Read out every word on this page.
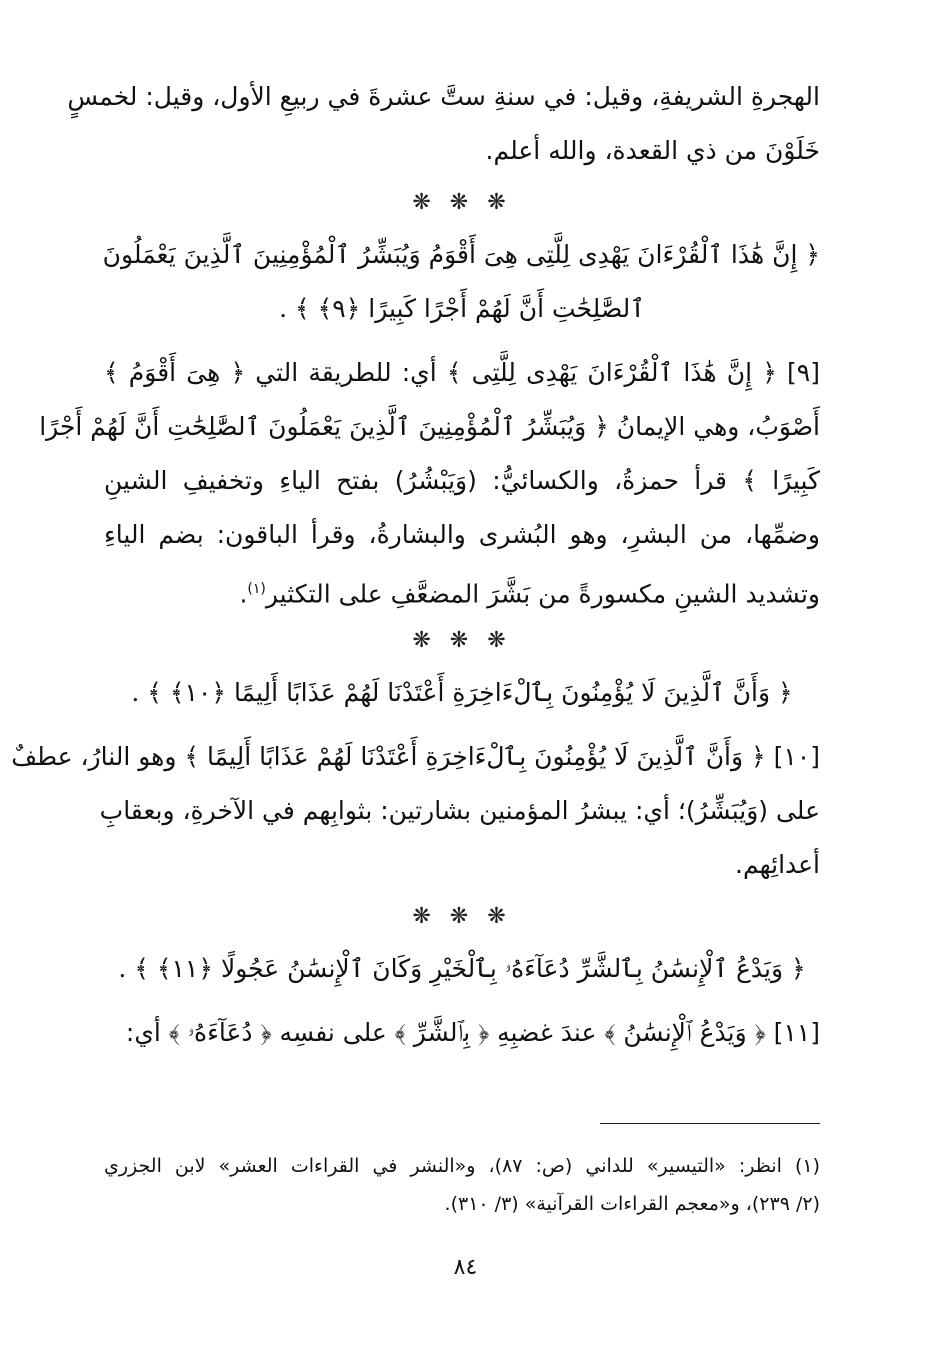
الهجرةِ الشريفةِ، وقيل: في سنةِ ستَّ عشرةَ في ربيعِ الأول، وقيل: لخمسٍ
خَلَوْنَ من ذي القعدة، والله أعلم.
❋ ❋ ❋
﴿ إِنَّ هَٰذَا ٱلْقُرْءَانَ يَهْدِى لِلَّتِى هِىَ أَقْوَمُ وَيُبَشِّرُ ٱلْمُؤْمِنِينَ ٱلَّذِينَ يَعْمَلُونَ
ٱلصَّٰلِحَٰتِ أَنَّ لَهُمْ أَجْرًا كَبِيرًا ﴿٩﴾ ﴾ .
[٩] ﴿ إِنَّ هَٰذَا ٱلْقُرْءَانَ يَهْدِى لِلَّتِى ﴾ أي: للطريقة التي ﴿ هِىَ أَقْوَمُ ﴾
أَصْوَبُ، وهي الإيمانُ ﴿ وَيُبَشِّرُ ٱلْمُؤْمِنِينَ ٱلَّذِينَ يَعْمَلُونَ ٱلصَّٰلِحَٰتِ أَنَّ لَهُمْ أَجْرًا
كَبِيرًا ﴾ قرأ حمزةُ، والكسائيُّ: (وَيَبْشُرُ) بفتح الياءِ وتخفيفِ الشينِ
وضمِّها، من البشرِ، وهو البُشرى والبشارةُ، وقرأ الباقون: بضم الياءِ
وتشديد الشينِ مكسورةً من بَشَّرَ المضعَّفِ على التكثير$^{(١)}$.
❋ ❋ ❋
﴿ وَأَنَّ ٱلَّذِينَ لَا يُؤْمِنُونَ بِٱلْءَاخِرَةِ أَعْتَدْنَا لَهُمْ عَذَابًا أَلِيمًا ﴿١٠﴾ ﴾ .
[١٠] ﴿ وَأَنَّ ٱلَّذِينَ لَا يُؤْمِنُونَ بِٱلْءَاخِرَةِ أَعْتَدْنَا لَهُمْ عَذَابًا أَلِيمًا ﴾ وهو النارُ، عطفٌ
على (وَيُبَشِّرُ)؛ أي: يبشرُ المؤمنين بشارتين: بثوابِهم في الآخرةِ، وبعقابِ
أعدائِهم.
❋ ❋ ❋
﴿ وَيَدْعُ ٱلْإِنسَٰنُ بِٱلشَّرِّ دُعَآءَهُۥ بِٱلْخَيْرِ وَكَانَ ٱلْإِنسَٰنُ عَجُولًا ﴿١١﴾ ﴾ .
[١١] ﴿ وَيَدْعُ ٱلْإِنسَٰنُ ﴾ عندَ غضبِهِ ﴿ بِٱلشَّرِّ ﴾ على نفسِه ﴿ دُعَآءَهُۥ ﴾ أي:
(١) انظر: «التيسير» للداني (ص: ٨٧)، و«النشر في القراءات العشر» لابن الجزري
(٢/ ٢٣٩)، و«معجم القراءات القرآنية» (٣/ ٣١٠).
٨٤
